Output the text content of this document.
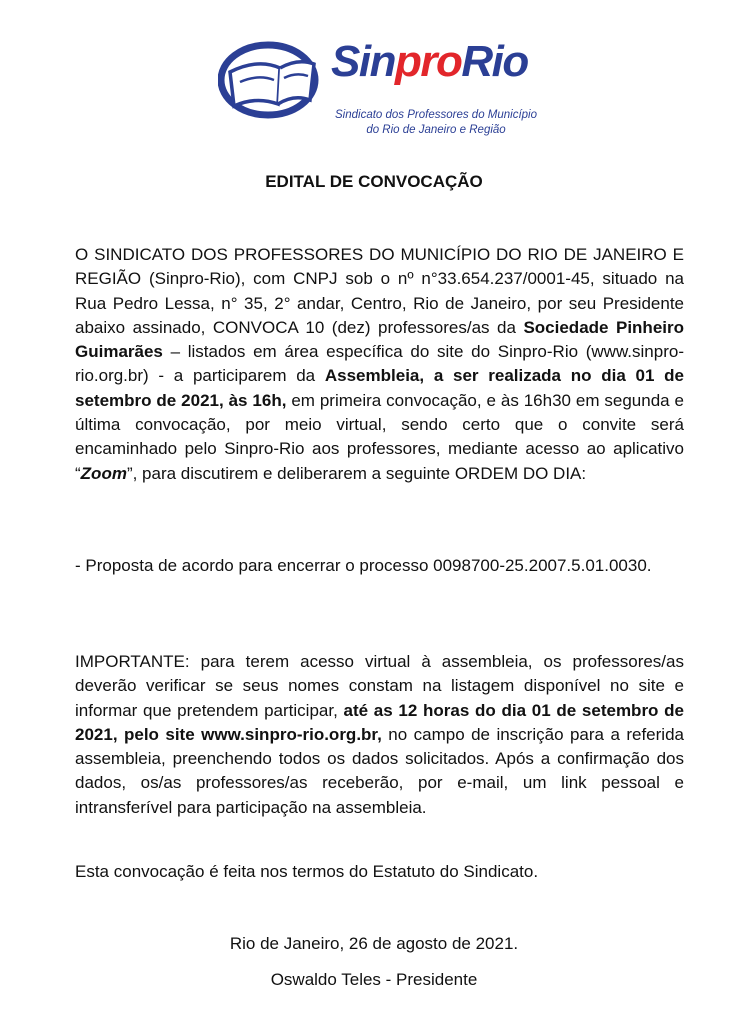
SinproRio
Sindicato dos Professores do Município
do Rio de Janeiro e Região
EDITAL DE CONVOCAÇÃO

O SINDICATO DOS PROFESSORES DO MUNICÍPIO DO RIO DE JANEIRO E REGIÃO (Sinpro-Rio), com CNPJ sob o nº n°33.654.237/0001-45, situado na Rua Pedro Lessa, n° 35, 2° andar, Centro, Rio de Janeiro, por seu Presidente abaixo assinado, CONVOCA 10 (dez) professores/as da Sociedade Pinheiro Guimarães – listados em área específica do site do Sinpro-Rio (www.sinpro-rio.org.br) - a participarem da Assembleia, a ser realizada no dia 01 de setembro de 2021, às 16h, em primeira convocação, e às 16h30 em segunda e última convocação, por meio virtual, sendo certo que o convite será encaminhado pelo Sinpro-Rio aos professores, mediante acesso ao aplicativo “Zoom”, para discutirem e deliberarem a seguinte ORDEM DO DIA:

- Proposta de acordo para encerrar o processo 0098700-25.2007.5.01.0030.

IMPORTANTE: para terem acesso virtual à assembleia, os professores/as deverão verificar se seus nomes constam na listagem disponível no site e informar que pretendem participar, até as 12 horas do dia 01 de setembro de 2021, pelo site www.sinpro-rio.org.br, no campo de inscrição para a referida assembleia, preenchendo todos os dados solicitados. Após a confirmação dos dados, os/as professores/as receberão, por e-mail, um link pessoal e intransferível para participação na assembleia.

Esta convocação é feita nos termos do Estatuto do Sindicato.

Rio de Janeiro, 26 de agosto de 2021.
Oswaldo Teles - Presidente
